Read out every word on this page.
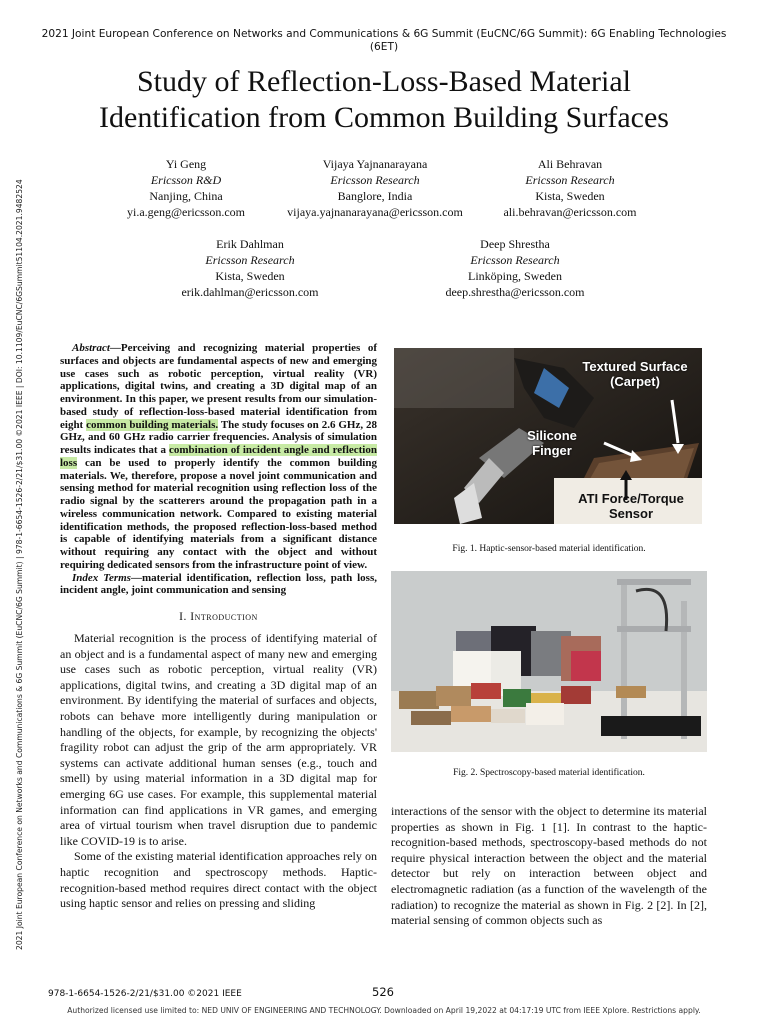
2021 Joint European Conference on Networks and Communications & 6G Summit (EuCNC/6G Summit): 6G Enabling Technologies (6ET)
2021 Joint European Conference on Networks and Communications & 6G Summit (EuCNC/6G Summit) | 978-1-6654-1526-2/21/$31.00 ©2021 IEEE | DOI: 10.1109/EuCNC/6GSummit51104.2021.9482524
Study of Reflection-Loss-Based Material
Identification from Common Building Surfaces
Yi Geng
Ericsson R&D
Nanjing, China
yi.a.geng@ericsson.com
Vijaya Yajnanarayana
Ericsson Research
Banglore, India
vijaya.yajnanarayana@ericsson.com
Ali Behravan
Ericsson Research
Kista, Sweden
ali.behravan@ericsson.com
Erik Dahlman
Ericsson Research
Kista, Sweden
erik.dahlman@ericsson.com
Deep Shrestha
Ericsson Research
Linköping, Sweden
deep.shrestha@ericsson.com

Abstract—Perceiving and recognizing material properties of surfaces and objects are fundamental aspects of new and emerging use cases such as robotic perception, virtual reality (VR) applications, digital twins, and creating a 3D digital map of an environment. In this paper, we present results from our simulation-based study of reflection-loss-based material identification from eight common building materials. The study focuses on 2.6 GHz, 28 GHz, and 60 GHz radio carrier frequencies. Analysis of simulation results indicates that a combination of incident angle and reflection loss can be used to properly identify the common building materials. We, therefore, propose a novel joint communication and sensing method for material recognition using reflection loss of the radio signal by the scatterers around the propagation path in a wireless communication network. Compared to existing material identification methods, the proposed reflection-loss-based method is capable of identifying materials from a significant distance without requiring any contact with the object and without requiring dedicated sensors from the infrastructure point of view.

Index Terms—material identification, reflection loss, path loss, incident angle, joint communication and sensing
I. Introduction

Material recognition is the process of identifying material of an object and is a fundamental aspect of many new and emerging use cases such as robotic perception, virtual reality (VR) applications, digital twins, and creating a 3D digital map of an environment. By identifying the material of surfaces and objects, robots can behave more intelligently during manipulation or handling of the objects, for example, by recognizing the objects' fragility robot can adjust the grip of the arm appropriately. VR systems can activate additional human senses (e.g., touch and smell) by using material information in a 3D digital map for emerging 6G use cases. For example, this supplemental material information can find applications in VR games, and emerging area of virtual tourism when travel disruption due to pandemic like COVID-19 is to arise.

Some of the existing material identification approaches rely on haptic recognition and spectroscopy methods. Haptic-recognition-based method requires direct contact with the object using haptic sensor and relies on pressing and sliding

Textured Surface (Carpet)
Silicone Finger
ATI Force/Torque Sensor
Fig. 1. Haptic-sensor-based material identification.
Fig. 2. Spectroscopy-based material identification.

interactions of the sensor with the object to determine its material properties as shown in Fig. 1 [1]. In contrast to the haptic-recognition-based methods, spectroscopy-based methods do not require physical interaction between the object and the material detector but rely on interaction between object and electromagnetic radiation (as a function of the wavelength of the radiation) to recognize the material as shown in Fig. 2 [2]. In [2], material sensing of common objects such as

978-1-6654-1526-2/21/$31.00 ©2021 IEEE	526
Authorized licensed use limited to: NED UNIV OF ENGINEERING AND TECHNOLOGY. Downloaded on April 19,2022 at 04:17:19 UTC from IEEE Xplore. Restrictions apply.
